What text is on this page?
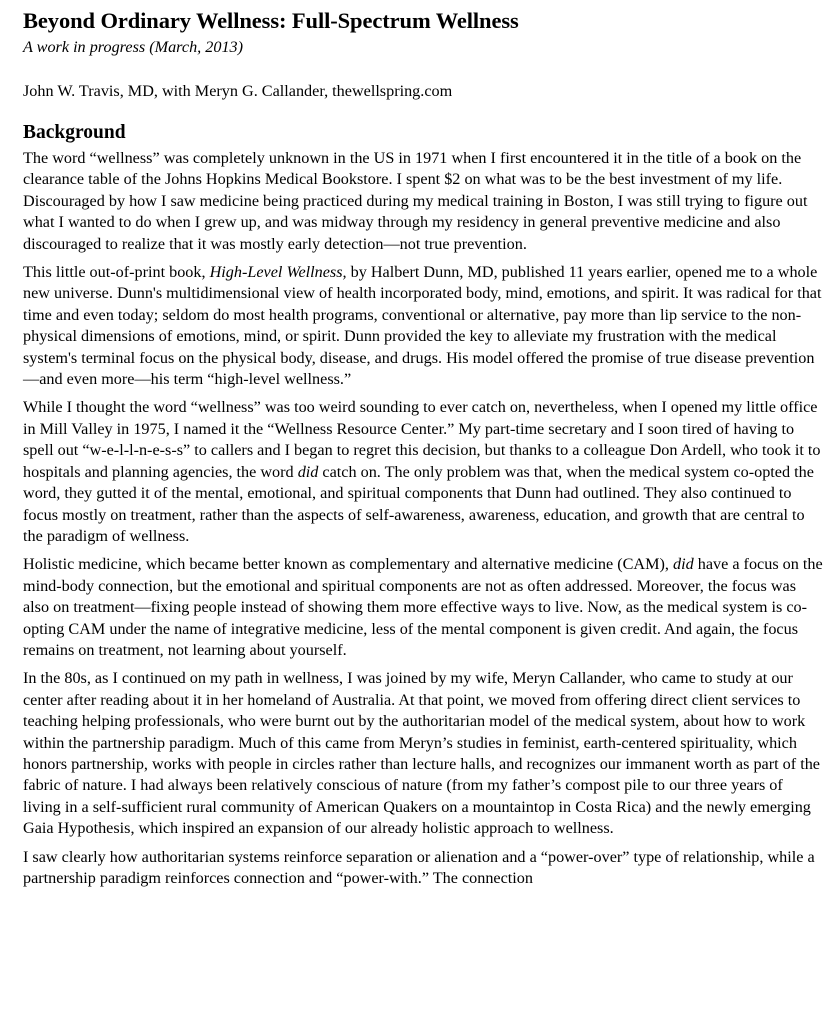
Beyond Ordinary Wellness: Full-Spectrum Wellness
A work in progress (March, 2013)
John W. Travis, MD, with Meryn G. Callander, thewellspring.com
Background

The word “wellness” was completely unknown in the US in 1971 when I first encountered it in the title of a book on the clearance table of the Johns Hopkins Medical Bookstore. I spent $2 on what was to be the best investment of my life. Discouraged by how I saw medicine being practiced during my medical training in Boston, I was still trying to figure out what I wanted to do when I grew up, and was midway through my residency in general preventive medicine and also discouraged to realize that it was mostly early detection—not true prevention.

This little out-of-print book, High-Level Wellness, by Halbert Dunn, MD, published 11 years earlier, opened me to a whole new universe. Dunn's multidimensional view of health incorporated body, mind, emotions, and spirit. It was radical for that time and even today; seldom do most health programs, conventional or alternative, pay more than lip service to the non-physical dimensions of emotions, mind, or spirit. Dunn provided the key to alleviate my frustration with the medical system's terminal focus on the physical body, disease, and drugs. His model offered the promise of true disease prevention—and even more—his term “high-level wellness.”

While I thought the word “wellness” was too weird sounding to ever catch on, nevertheless, when I opened my little office in Mill Valley in 1975, I named it the “Wellness Resource Center.” My part-time secretary and I soon tired of having to spell out “w-e-l-l-n-e-s-s” to callers and I began to regret this decision, but thanks to a colleague Don Ardell, who took it to hospitals and planning agencies, the word did catch on. The only problem was that, when the medical system co-opted the word, they gutted it of the mental, emotional, and spiritual components that Dunn had outlined. They also continued to focus mostly on treatment, rather than the aspects of self-awareness, awareness, education, and growth that are central to the paradigm of wellness.

Holistic medicine, which became better known as complementary and alternative medicine (CAM), did have a focus on the mind-body connection, but the emotional and spiritual components are not as often addressed. Moreover, the focus was also on treatment—fixing people instead of showing them more effective ways to live. Now, as the medical system is co-opting CAM under the name of integrative medicine, less of the mental component is given credit. And again, the focus remains on treatment, not learning about yourself.

In the 80s, as I continued on my path in wellness, I was joined by my wife, Meryn Callander, who came to study at our center after reading about it in her homeland of Australia. At that point, we moved from offering direct client services to teaching helping professionals, who were burnt out by the authoritarian model of the medical system, about how to work within the partnership paradigm. Much of this came from Meryn’s studies in feminist, earth-centered spirituality, which honors partnership, works with people in circles rather than lecture halls, and recognizes our immanent worth as part of the fabric of nature. I had always been relatively conscious of nature (from my father’s compost pile to our three years of living in a self-sufficient rural community of American Quakers on a mountaintop in Costa Rica) and the newly emerging Gaia Hypothesis, which inspired an expansion of our already holistic approach to wellness.

I saw clearly how authoritarian systems reinforce separation or alienation and a “power-over” type of relationship, while a partnership paradigm reinforces connection and “power-with.” The connection
